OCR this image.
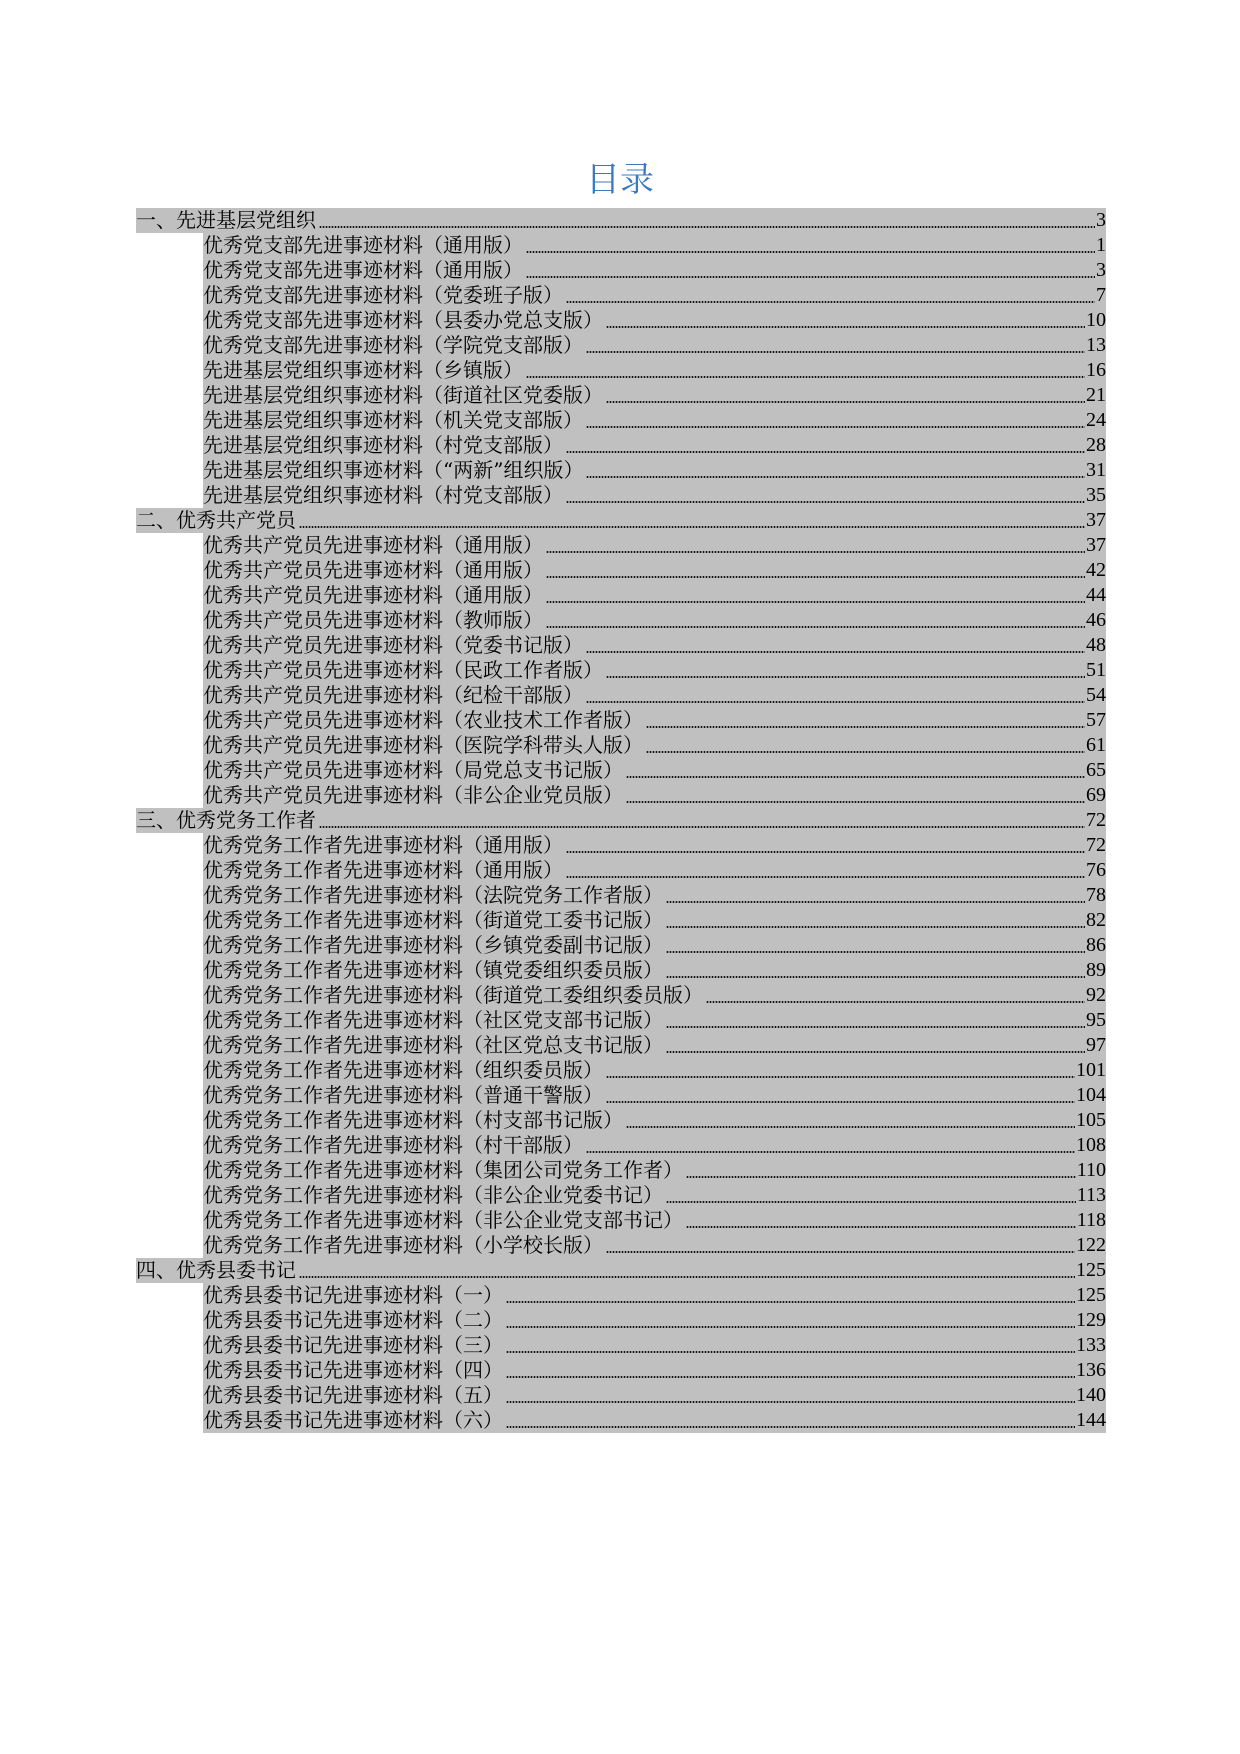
目录
一、先进基层党组织	3
优秀党支部先进事迹材料（通用版）	1
优秀党支部先进事迹材料（通用版）	3
优秀党支部先进事迹材料（党委班子版）	7
优秀党支部先进事迹材料（县委办党总支版）	10
优秀党支部先进事迹材料（学院党支部版）	13
先进基层党组织事迹材料（乡镇版）	16
先进基层党组织事迹材料（街道社区党委版）	21
先进基层党组织事迹材料（机关党支部版）	24
先进基层党组织事迹材料（村党支部版）	28
先进基层党组织事迹材料（“两新”组织版）	31
先进基层党组织事迹材料（村党支部版）	35
二、优秀共产党员	37
优秀共产党员先进事迹材料（通用版）	37
优秀共产党员先进事迹材料（通用版）	42
优秀共产党员先进事迹材料（通用版）	44
优秀共产党员先进事迹材料（教师版）	46
优秀共产党员先进事迹材料（党委书记版）	48
优秀共产党员先进事迹材料（民政工作者版）	51
优秀共产党员先进事迹材料（纪检干部版）	54
优秀共产党员先进事迹材料（农业技术工作者版）	57
优秀共产党员先进事迹材料（医院学科带头人版）	61
优秀共产党员先进事迹材料（局党总支书记版）	65
优秀共产党员先进事迹材料（非公企业党员版）	69
三、优秀党务工作者	72
优秀党务工作者先进事迹材料（通用版）	72
优秀党务工作者先进事迹材料（通用版）	76
优秀党务工作者先进事迹材料（法院党务工作者版）	78
优秀党务工作者先进事迹材料（街道党工委书记版）	82
优秀党务工作者先进事迹材料（乡镇党委副书记版）	86
优秀党务工作者先进事迹材料（镇党委组织委员版）	89
优秀党务工作者先进事迹材料（街道党工委组织委员版）	92
优秀党务工作者先进事迹材料（社区党支部书记版）	95
优秀党务工作者先进事迹材料（社区党总支书记版）	97
优秀党务工作者先进事迹材料（组织委员版）	101
优秀党务工作者先进事迹材料（普通干警版）	104
优秀党务工作者先进事迹材料（村支部书记版）	105
优秀党务工作者先进事迹材料（村干部版）	108
优秀党务工作者先进事迹材料（集团公司党务工作者）	110
优秀党务工作者先进事迹材料（非公企业党委书记）	113
优秀党务工作者先进事迹材料（非公企业党支部书记）	118
优秀党务工作者先进事迹材料（小学校长版）	122
四、优秀县委书记	125
优秀县委书记先进事迹材料（一）	125
优秀县委书记先进事迹材料（二）	129
优秀县委书记先进事迹材料（三）	133
优秀县委书记先进事迹材料（四）	136
优秀县委书记先进事迹材料（五）	140
优秀县委书记先进事迹材料（六）	144
